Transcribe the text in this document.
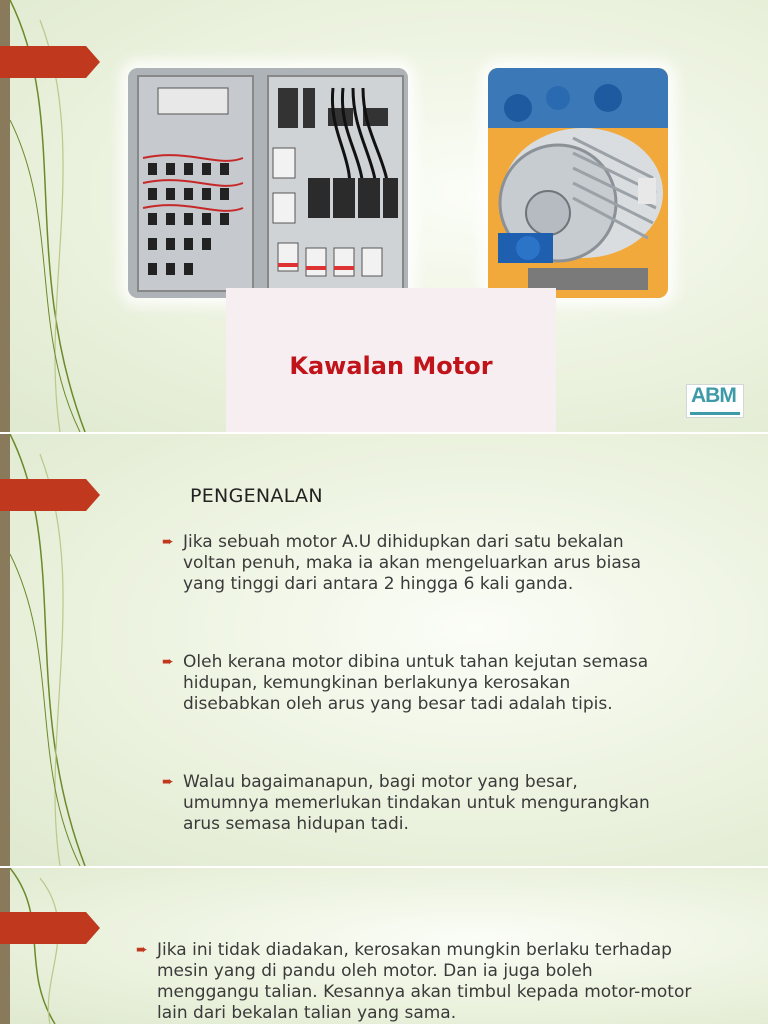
Kawalan Motor
ABM
PENGENALAN
➨ Jika sebuah motor A.U dihidupkan dari satu bekalan voltan penuh, maka ia akan mengeluarkan arus biasa yang tinggi dari antara 2 hingga 6 kali ganda.
➨ Oleh kerana motor dibina untuk tahan kejutan semasa hidupan, kemungkinan berlakunya kerosakan disebabkan oleh arus yang besar tadi adalah tipis.
➨ Walau bagaimanapun, bagi motor yang besar, umumnya memerlukan tindakan untuk mengurangkan arus semasa hidupan tadi.
➨ Jika ini tidak diadakan, kerosakan mungkin berlaku terhadap mesin yang di pandu oleh motor. Dan ia juga boleh menggangu talian. Kesannya akan timbul kepada motor-motor lain dari bekalan talian yang sama.
